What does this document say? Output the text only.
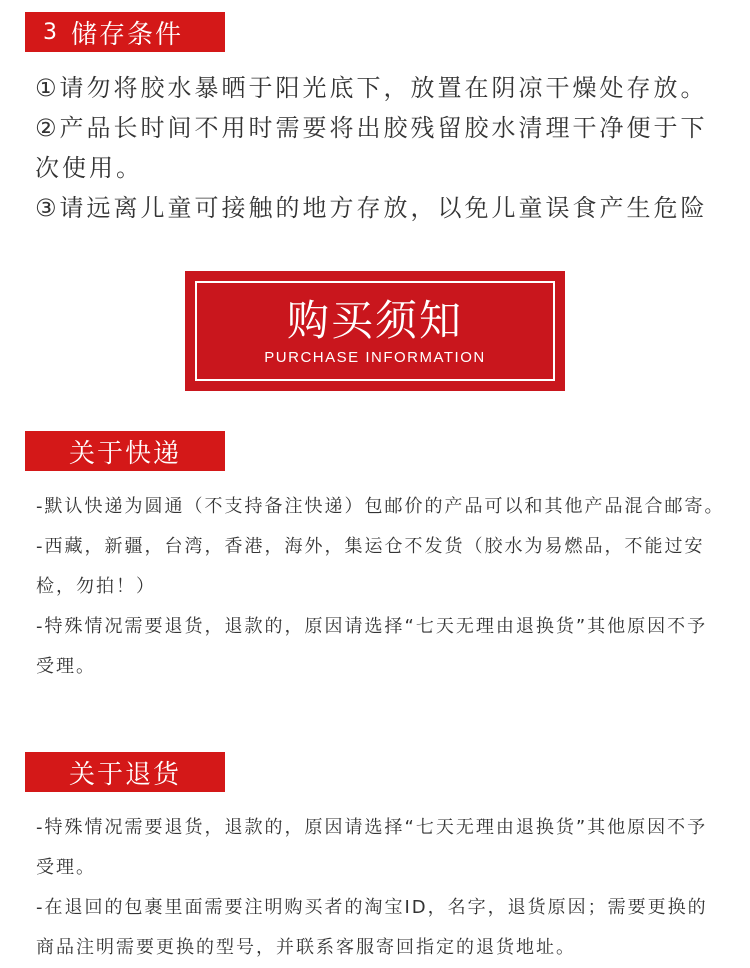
3 储存条件
①请勿将胶水暴晒于阳光底下，放置在阴凉干燥处存放。
②产品长时间不用时需要将出胶残留胶水清理干净便于下次使用。
③请远离儿童可接触的地方存放，以免儿童误食产生危险
购买须知
PURCHASE INFORMATION
关于快递
-默认快递为圆通（不支持备注快递）包邮价的产品可以和其他产品混合邮寄。
-西藏，新疆，台湾，香港，海外，集运仓不发货（胶水为易燃品，不能过安检，勿拍！）
-特殊情况需要退货，退款的，原因请选择“七天无理由退换货”其他原因不予受理。
关于退货
-特殊情况需要退货，退款的，原因请选择“七天无理由退换货”其他原因不予受理。
-在退回的包裹里面需要注明购买者的淘宝ID，名字，退货原因；需要更换的商品注明需要更换的型号，并联系客服寄回指定的退货地址。
